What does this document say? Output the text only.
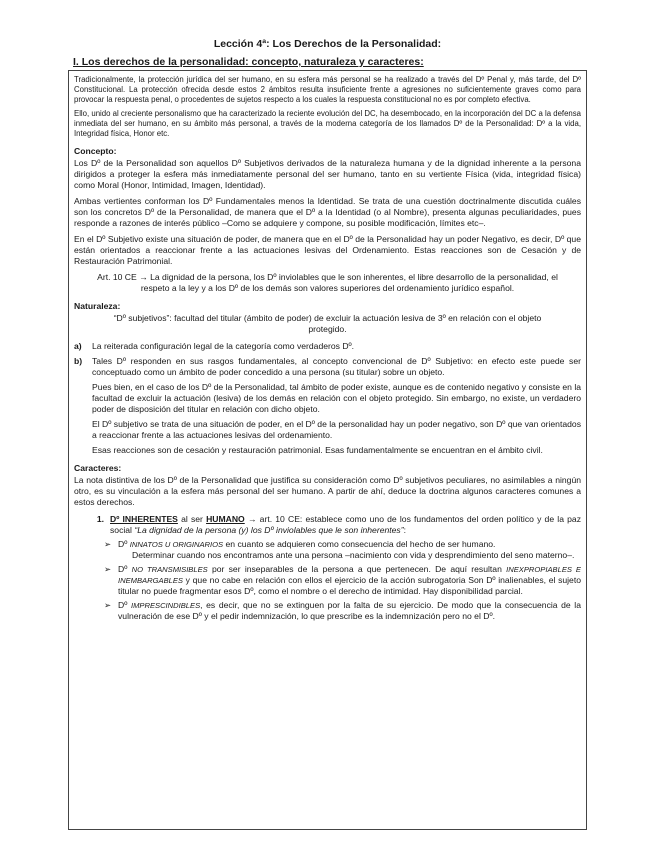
Lección 4ª: Los Derechos de la Personalidad:
I. Los derechos de la personalidad: concepto, naturaleza y caracteres:

Tradicionalmente, la protección jurídica del ser humano, en su esfera más personal se ha realizado a través del Dº Penal y, más tarde, del Dº Constitucional. La protección ofrecida desde estos 2 ámbitos resulta insuficiente frente a agresiones no suficientemente graves como para provocar la respuesta penal, o procedentes de sujetos respecto a los cuales la respuesta constitucional no es por completo efectiva.

Ello, unido al creciente personalismo que ha caracterizado la reciente evolución del DC, ha desembocado, en la incorporación del DC a la defensa inmediata del ser humano, en su ámbito más personal, a través de la moderna categoría de los llamados Dº de la Personalidad: Dº a la vida, Integridad física, Honor etc.

Concepto:

Los Dº de la Personalidad son aquellos Dº Subjetivos derivados de la naturaleza humana y de la dignidad inherente a la persona dirigidos a proteger la esfera más inmediatamente personal del ser humano, tanto en su vertiente Física (vida, integridad física) como Moral (Honor, Intimidad, Imagen, Identidad).

Ambas vertientes conforman los Dº Fundamentales menos la Identidad. Se trata de una cuestión doctrinalmente discutida cuáles son los concretos Dº de la Personalidad, de manera que el Dº a la Identidad (o al Nombre), presenta algunas peculiaridades, pues responde a razones de interés público –Como se adquiere y compone, su posible modificación, límites etc–.

En el Dº Subjetivo existe una situación de poder, de manera que en el Dº de la Personalidad hay un poder Negativo, es decir, Dº que están orientados a reaccionar frente a las actuaciones lesivas del Ordenamiento. Estas reacciones son de Cesación y de Restauración Patrimonial.

Art. 10 CE → La dignidad de la persona, los Dº inviolables que le son inherentes, el libre desarrollo de la personalidad, el respeto a la ley y a los Dº de los demás son valores superiores del ordenamiento jurídico español.

Naturaleza:

“Dº subjetivos”: facultad del titular (ámbito de poder) de excluir la actuación lesiva de 3º en relación con el objeto protegido.

a)	La reiterada configuración legal de la categoría como verdaderos Dº.
b)	Tales Dº responden en sus rasgos fundamentales, al concepto convencional de Dº Subjetivo: en efecto este puede ser conceptuado como un ámbito de poder concedido a una persona (su titular) sobre un objeto.

Pues bien, en el caso de los Dº de la Personalidad, tal ámbito de poder existe, aunque es de contenido negativo y consiste en la facultad de excluir la actuación (lesiva) de los demás en relación con el objeto protegido. Sin embargo, no existe, un verdadero poder de disposición del titular en relación con dicho objeto.

El Dº subjetivo se trata de una situación de poder, en el Dº de la personalidad hay un poder negativo, son Dº que van orientados a reaccionar frente a las actuaciones lesivas del ordenamiento.

Esas reacciones son de cesación y restauración patrimonial. Esas fundamentalmente se encuentran en el ámbito civil.

Caracteres:

La nota distintiva de los Dº de la Personalidad que justifica su consideración como Dº subjetivos peculiares, no asimilables a ningún otro, es su vinculación a la esfera más personal del ser humano. A partir de ahí, deduce la doctrina algunos caracteres comunes a estos derechos.

1. Dº INHERENTES al ser HUMANO → art. 10 CE: establece como uno de los fundamentos del orden político y de la paz social “La dignidad de la persona (y) los Dº inviolables que le son inherentes”:
➢ Dº INNATOS U ORIGINARIOS en cuanto se adquieren como consecuencia del hecho de ser humano.
Determinar cuando nos encontramos ante una persona –nacimiento con vida y desprendimiento del seno materno–.
➢ Dº NO TRANSMISIBLES por ser inseparables de la persona a que pertenecen. De aquí resultan INEXPROPIABLES E INEMBARGABLES y que no cabe en relación con ellos el ejercicio de la acción subrogatoria Son Dº inalienables, el sujeto titular no puede fragmentar esos Dº, como el nombre o el derecho de intimidad. Hay disponibilidad parcial.
➢ Dº IMPRESCINDIBLES, es decir, que no se extinguen por la falta de su ejercicio. De modo que la consecuencia de la vulneración de ese Dº y el pedir indemnización, lo que prescribe es la indemnización pero no el Dº.
